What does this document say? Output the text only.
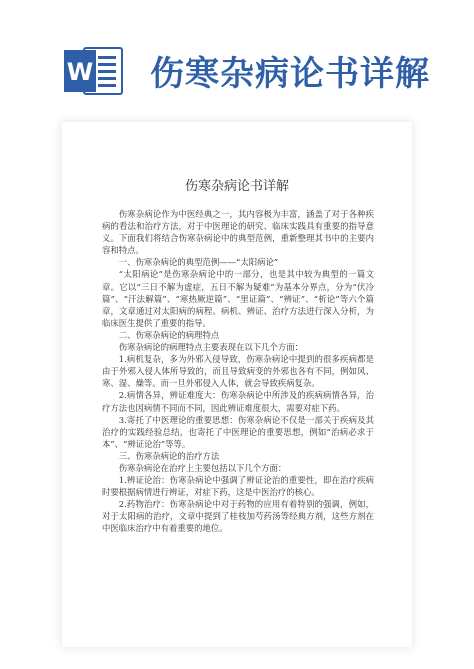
W 伤寒杂病论书详解
伤寒杂病论书详解

伤寒杂病论作为中医经典之一，其内容极为丰富，涵盖了对于各种疾病的看法和治疗方法，对于中医理论的研究、临床实践具有重要的指导意义。下面我们将结合伤寒杂病论中的典型范例，重新整理其书中的主要内容和特点。

一、伤寒杂病论的典型范例——“太阳病论”

“太阳病论”是伤寒杂病论中的一部分，也是其中较为典型的一篇文章。它以“三日不解为虚症，五日不解为疑难”为基本分界点，分为“伏冷篇”、“汗法解篇”、“寒热厥逆篇”、“里证篇”、“辨证”、“析论”等六个篇章，文章通过对太阳病的病程、病机、辨证、治疗方法进行深入分析，为临床医生提供了重要的指导。

二、伤寒杂病论的病理特点

伤寒杂病论的病理特点主要表现在以下几个方面：

1.病机复杂，多为外邪入侵导致，伤寒杂病论中提到的很多疾病都是由于外邪入侵人体所导致的，而且导致病变的外邪也各有不同，例如风、寒、湿、燥等。而一旦外邪侵入人体，就会导致疾病复杂。

2.病情各异，辨证难度大：伤寒杂病论中所涉及的疾病病情各异，治疗方法也因病情不同而不同，因此辨证难度很大，需要对症下药。

3.寄托了中医理论的重要思想：伤寒杂病论不仅是一部关于疾病及其治疗的实践经验总结，也寄托了中医理论的重要思想，例如“治病必求于本”、“辨证论治”等等。

三、伤寒杂病论的治疗方法

伤寒杂病论在治疗上主要包括以下几个方面：

1.辨证论治：伤寒杂病论中强调了辨证论治的重要性，即在治疗疾病时要根据病情进行辨证，对症下药，这是中医治疗的核心。

2.药物治疗：伤寒杂病论中对于药物的应用有着特别的强调，例如，对于太阳病的治疗，文章中提到了桂枝加芍药汤等经典方剂，这些方剂在中医临床治疗中有着重要的地位。
